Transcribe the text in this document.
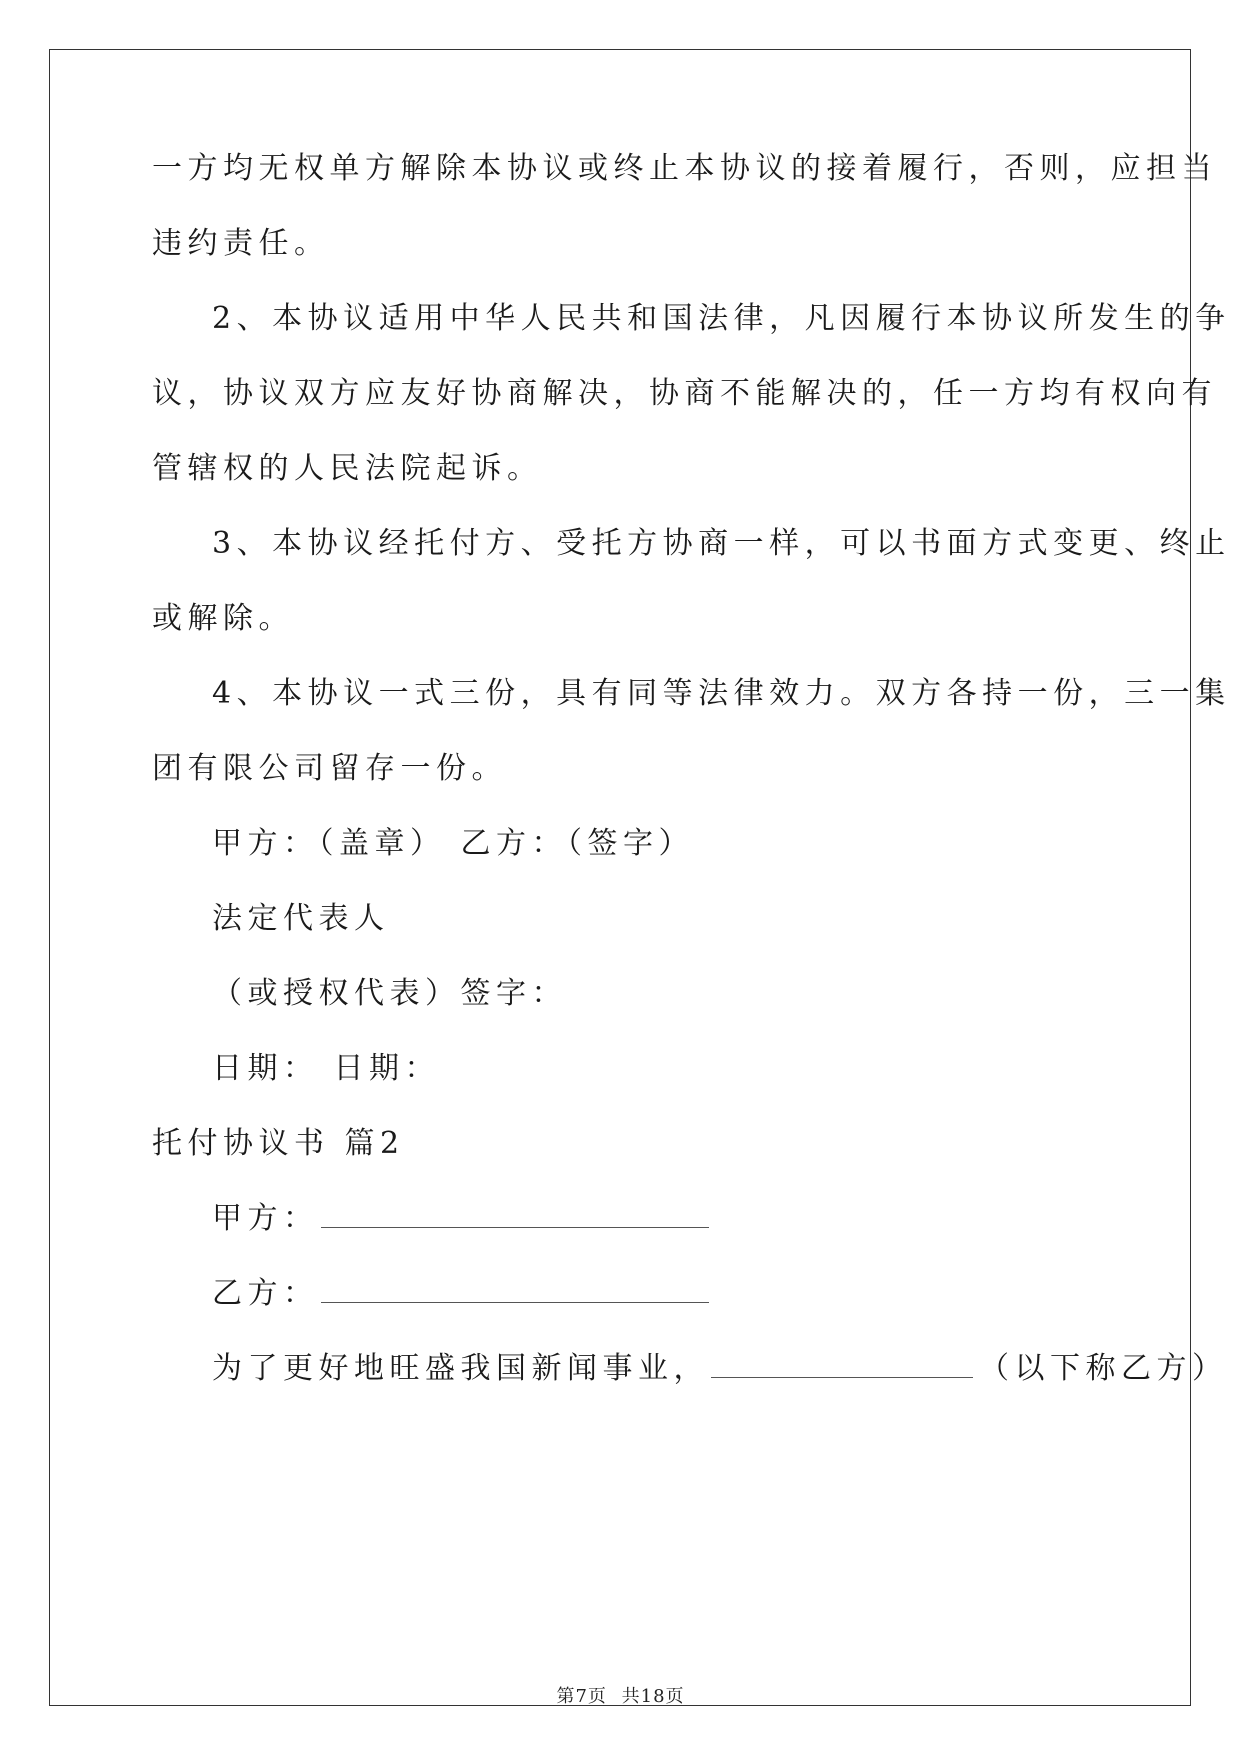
一方均无权单方解除本协议或终止本协议的接着履行，否则，应担当
违约责任。
2、本协议适用中华人民共和国法律，凡因履行本协议所发生的争
议，协议双方应友好协商解决，协商不能解决的，任一方均有权向有
管辖权的人民法院起诉。
3、本协议经托付方、受托方协商一样，可以书面方式变更、终止
或解除。
4、本协议一式三份，具有同等法律效力。双方各持一份，三一集
团有限公司留存一份。
甲方：（盖章） 乙方：（签字）
法定代表人
（或授权代表）签字：
日期： 日期：
托付协议书 篇2
甲方：
乙方：
为了更好地旺盛我国新闻事业，	（以下称乙方）
第7页 共18页
